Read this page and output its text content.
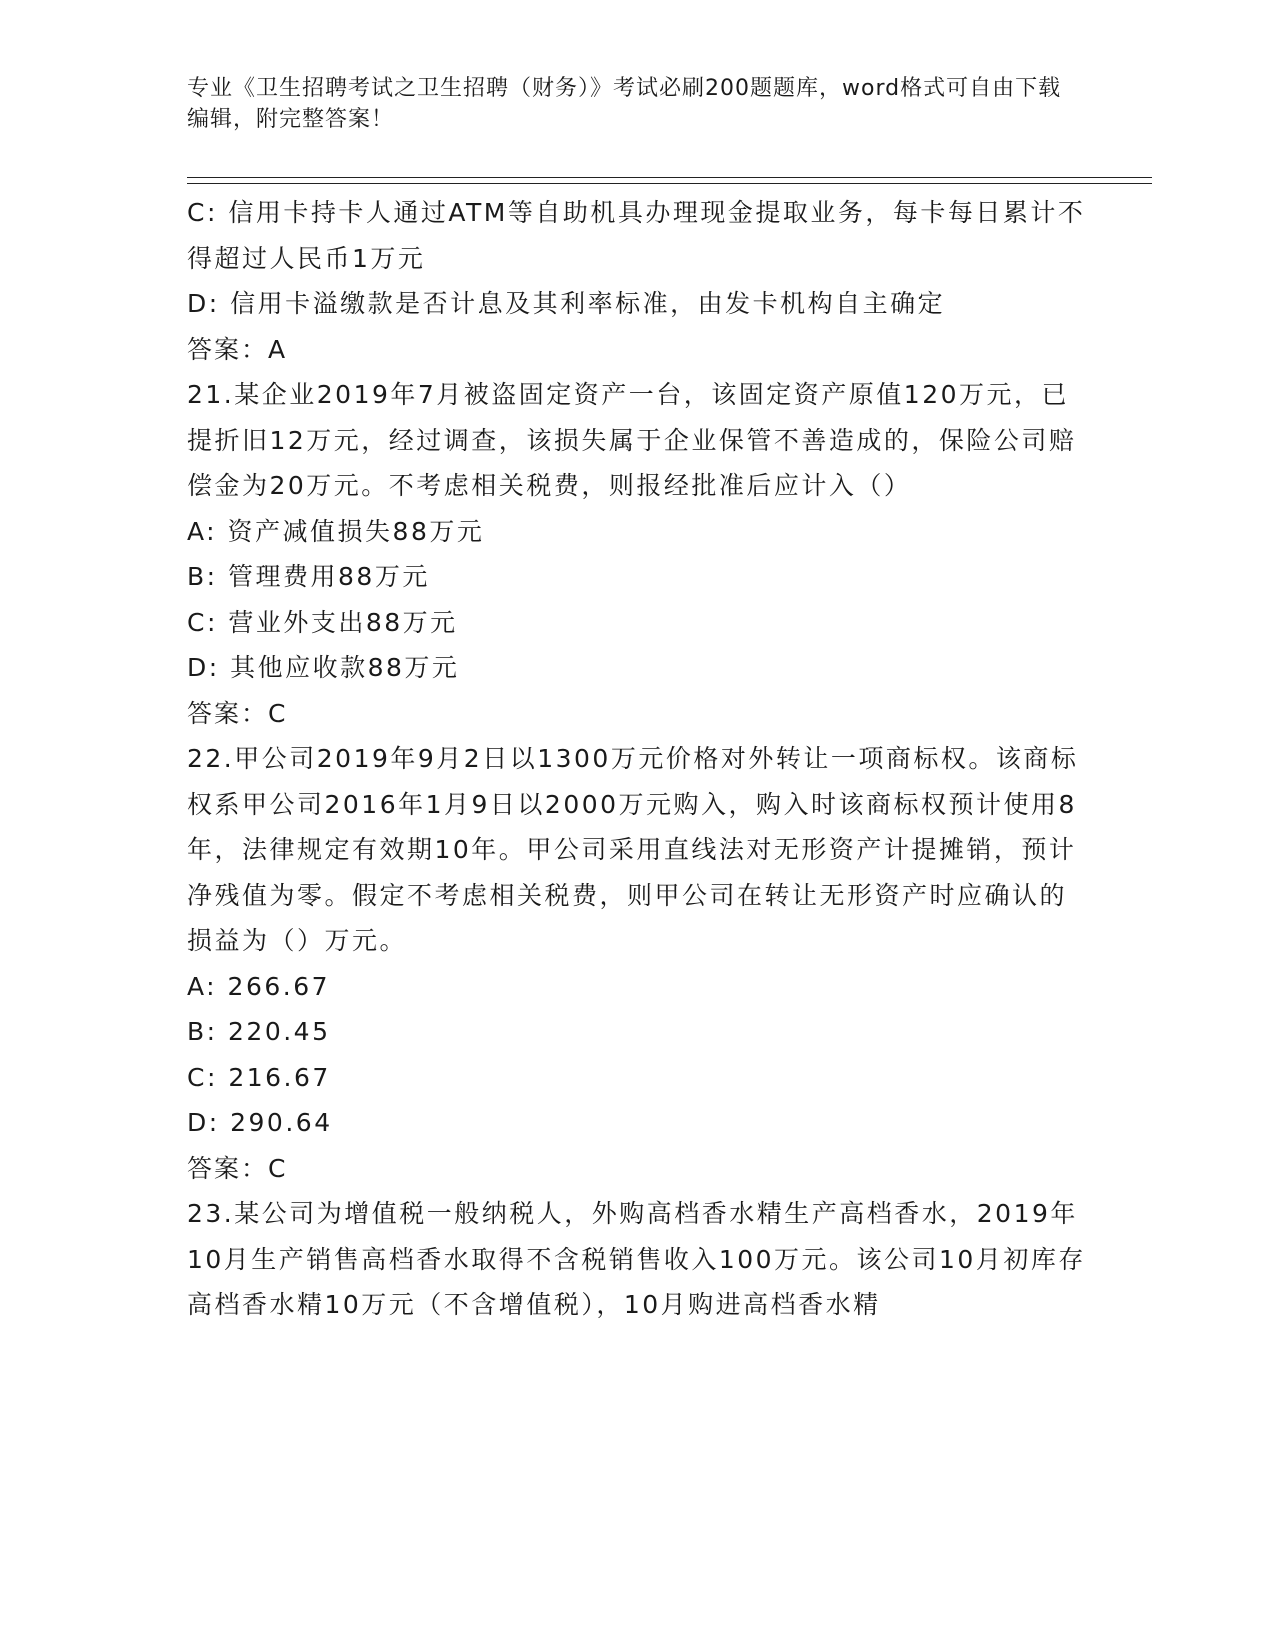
专业《卫生招聘考试之卫生招聘（财务）》考试必刷200题题库，word格式可自由下载编辑，附完整答案！

C: 信用卡持卡人通过ATM等自助机具办理现金提取业务，每卡每日累计不得超过人民币1万元

D: 信用卡溢缴款是否计息及其利率标准，由发卡机构自主确定

答案：A

21.某企业2019年7月被盗固定资产一台，该固定资产原值120万元，已提折旧12万元，经过调查，该损失属于企业保管不善造成的，保险公司赔偿金为20万元。不考虑相关税费，则报经批准后应计入（）

A: 资产减值损失88万元

B: 管理费用88万元

C: 营业外支出88万元

D: 其他应收款88万元

答案：C

22.甲公司2019年9月2日以1300万元价格对外转让一项商标权。该商标权系甲公司2016年1月9日以2000万元购入，购入时该商标权预计使用8年，法律规定有效期10年。甲公司采用直线法对无形资产计提摊销，预计净残值为零。假定不考虑相关税费，则甲公司在转让无形资产时应确认的损益为（）万元。

A: 266.67

B: 220.45

C: 216.67

D: 290.64

答案：C

23.某公司为增值税一般纳税人，外购高档香水精生产高档香水，2019年10月生产销售高档香水取得不含税销售收入100万元。该公司10月初库存高档香水精10万元（不含增值税），10月购进高档香水精
